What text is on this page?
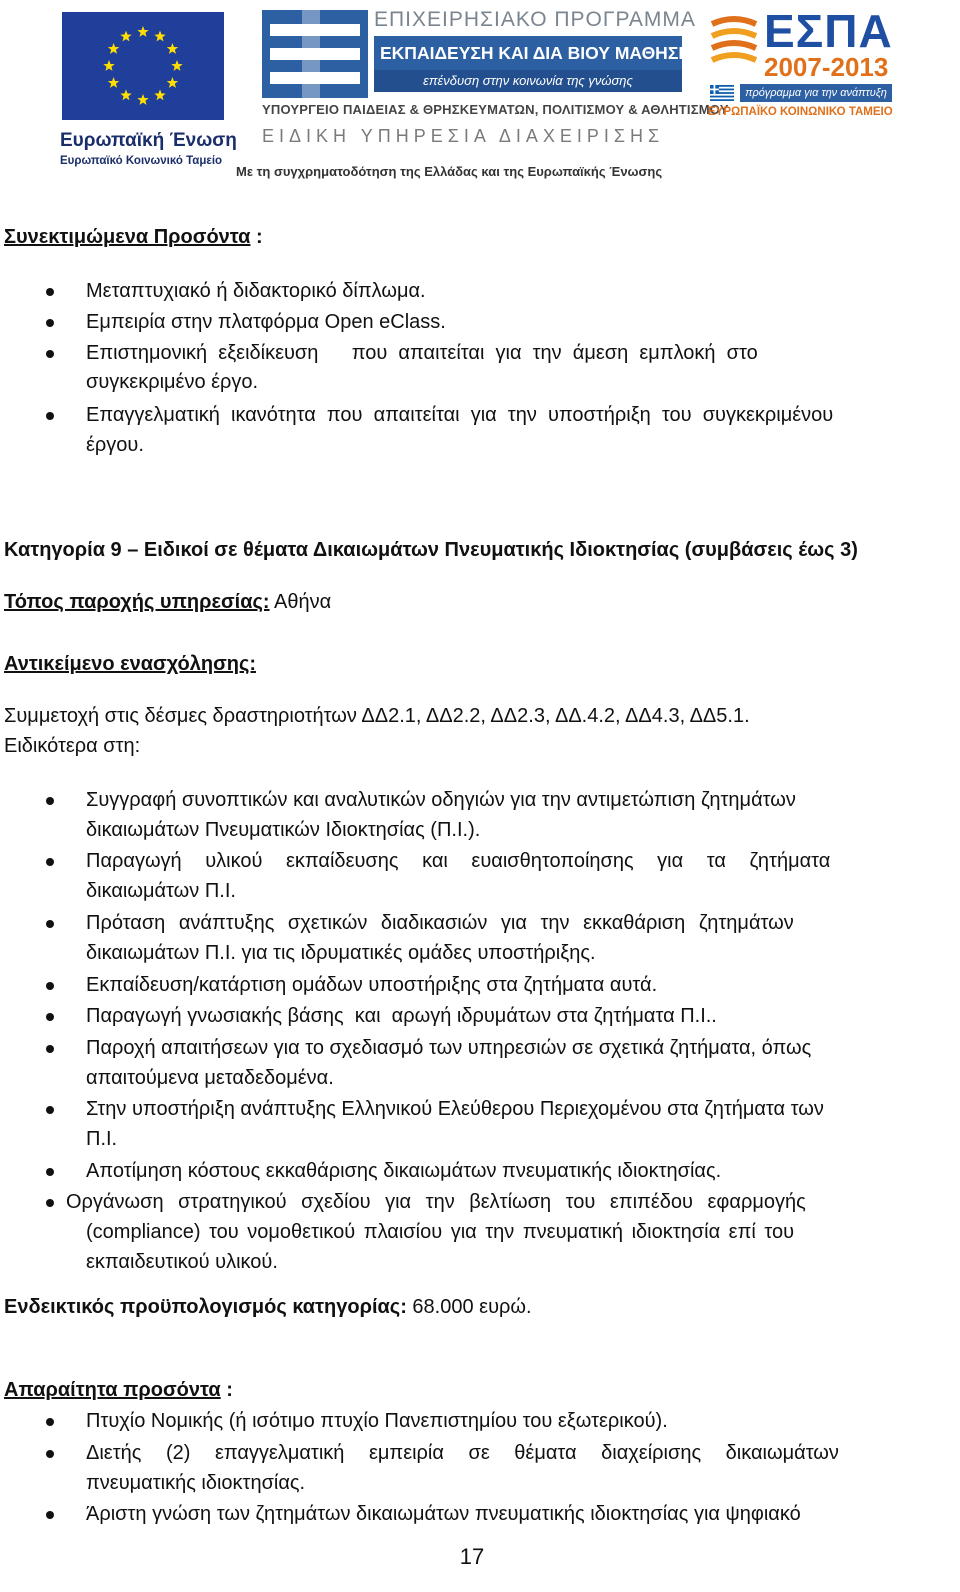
Ευρωπαϊκή Ένωση
Ευρωπαϊκό Κοινωνικό Ταμείο
ΕΠΙΧΕΙΡΗΣΙΑΚΟ ΠΡΟΓΡΑΜΜΑ
ΕΚΠΑΙΔΕΥΣΗ ΚΑΙ ΔΙΑ ΒΙΟΥ ΜΑΘΗΣΗ
επένδυση στην κοινωνία της γνώσης
ΥΠΟΥΡΓΕΙΟ ΠΑΙΔΕΙΑΣ & ΘΡΗΣΚΕΥΜΑΤΩΝ, ΠΟΛΙΤΙΣΜΟΥ & ΑΘΛΗΤΙΣΜΟΥ
ΕΙΔΙΚΗ ΥΠΗΡΕΣΙΑ ΔΙΑΧΕΙΡΙΣΗΣ
Με τη συγχρηματοδότηση της Ελλάδας και της Ευρωπαϊκής Ένωσης
ΕΣΠΑ
2007-2013
πρόγραμμα για την ανάπτυξη
ΕΥΡΩΠΑΪΚΟ ΚΟΙΝΩΝΙΚΟ ΤΑΜΕΙΟ
Συνεκτιμώμενα Προσόντα :
Μεταπτυχιακό ή διδακτορικό δίπλωμα.
Εμπειρία στην πλατφόρμα Open eClass.
Επιστημονική  εξειδίκευση      που  απαιτείται  για  την  άμεση  εμπλοκή  στο
συγκεκριμένο έργο.
Επαγγελματική  ικανότητα  που  απαιτείται  για  την  υποστήριξη  του  συγκεκριμένου
έργου.
Κατηγορία 9 – Ειδικοί σε θέματα Δικαιωμάτων Πνευματικής Ιδιοκτησίας (συμβάσεις έως 3)
Τόπος παροχής υπηρεσίας: Αθήνα
Αντικείμενο ενασχόλησης:
Συμμετοχή στις δέσμες δραστηριοτήτων ΔΔ2.1, ΔΔ2.2, ΔΔ2.3, ΔΔ.4.2, ΔΔ4.3, ΔΔ5.1.
Ειδικότερα στη:
Συγγραφή συνοπτικών και αναλυτικών οδηγιών για την αντιμετώπιση ζητημάτων
δικαιωμάτων Πνευματικών Ιδιοκτησίας (Π.Ι.).
Παραγωγή υλικού εκπαίδευσης και ευαισθητοποίησης για τα ζητήματα
δικαιωμάτων Π.Ι.
Πρόταση ανάπτυξης σχετικών διαδικασιών για την εκκαθάριση ζητημάτων
δικαιωμάτων Π.Ι. για τις ιδρυματικές ομάδες υποστήριξης.
Εκπαίδευση/κατάρτιση ομάδων υποστήριξης στα ζητήματα αυτά.
Παραγωγή γνωσιακής βάσης  και  αρωγή ιδρυμάτων στα ζητήματα Π.Ι..
Παροχή απαιτήσεων για το σχεδιασμό των υπηρεσιών σε σχετικά ζητήματα, όπως
απαιτούμενα μεταδεδομένα.
Στην υποστήριξη ανάπτυξης Ελληνικού Ελεύθερου Περιεχομένου στα ζητήματα των
Π.Ι.
Αποτίμηση κόστους εκκαθάρισης δικαιωμάτων πνευματικής ιδιοκτησίας.
Οργάνωση στρατηγικού σχεδίου για την βελτίωση του επιπέδου εφαρμογής
(compliance) του νομοθετικού πλαισίου για την πνευματική ιδιοκτησία επί του
εκπαιδευτικού υλικού.
Ενδεικτικός προϋπολογισμός κατηγορίας: 68.000 ευρώ.
Απαραίτητα προσόντα :
Πτυχίο Νομικής (ή ισότιμο πτυχίο Πανεπιστημίου του εξωτερικού).
Διετής (2) επαγγελματική εμπειρία σε θέματα διαχείρισης δικαιωμάτων
πνευματικής ιδιοκτησίας.
Άριστη γνώση των ζητημάτων δικαιωμάτων πνευματικής ιδιοκτησίας για ψηφιακό
17
